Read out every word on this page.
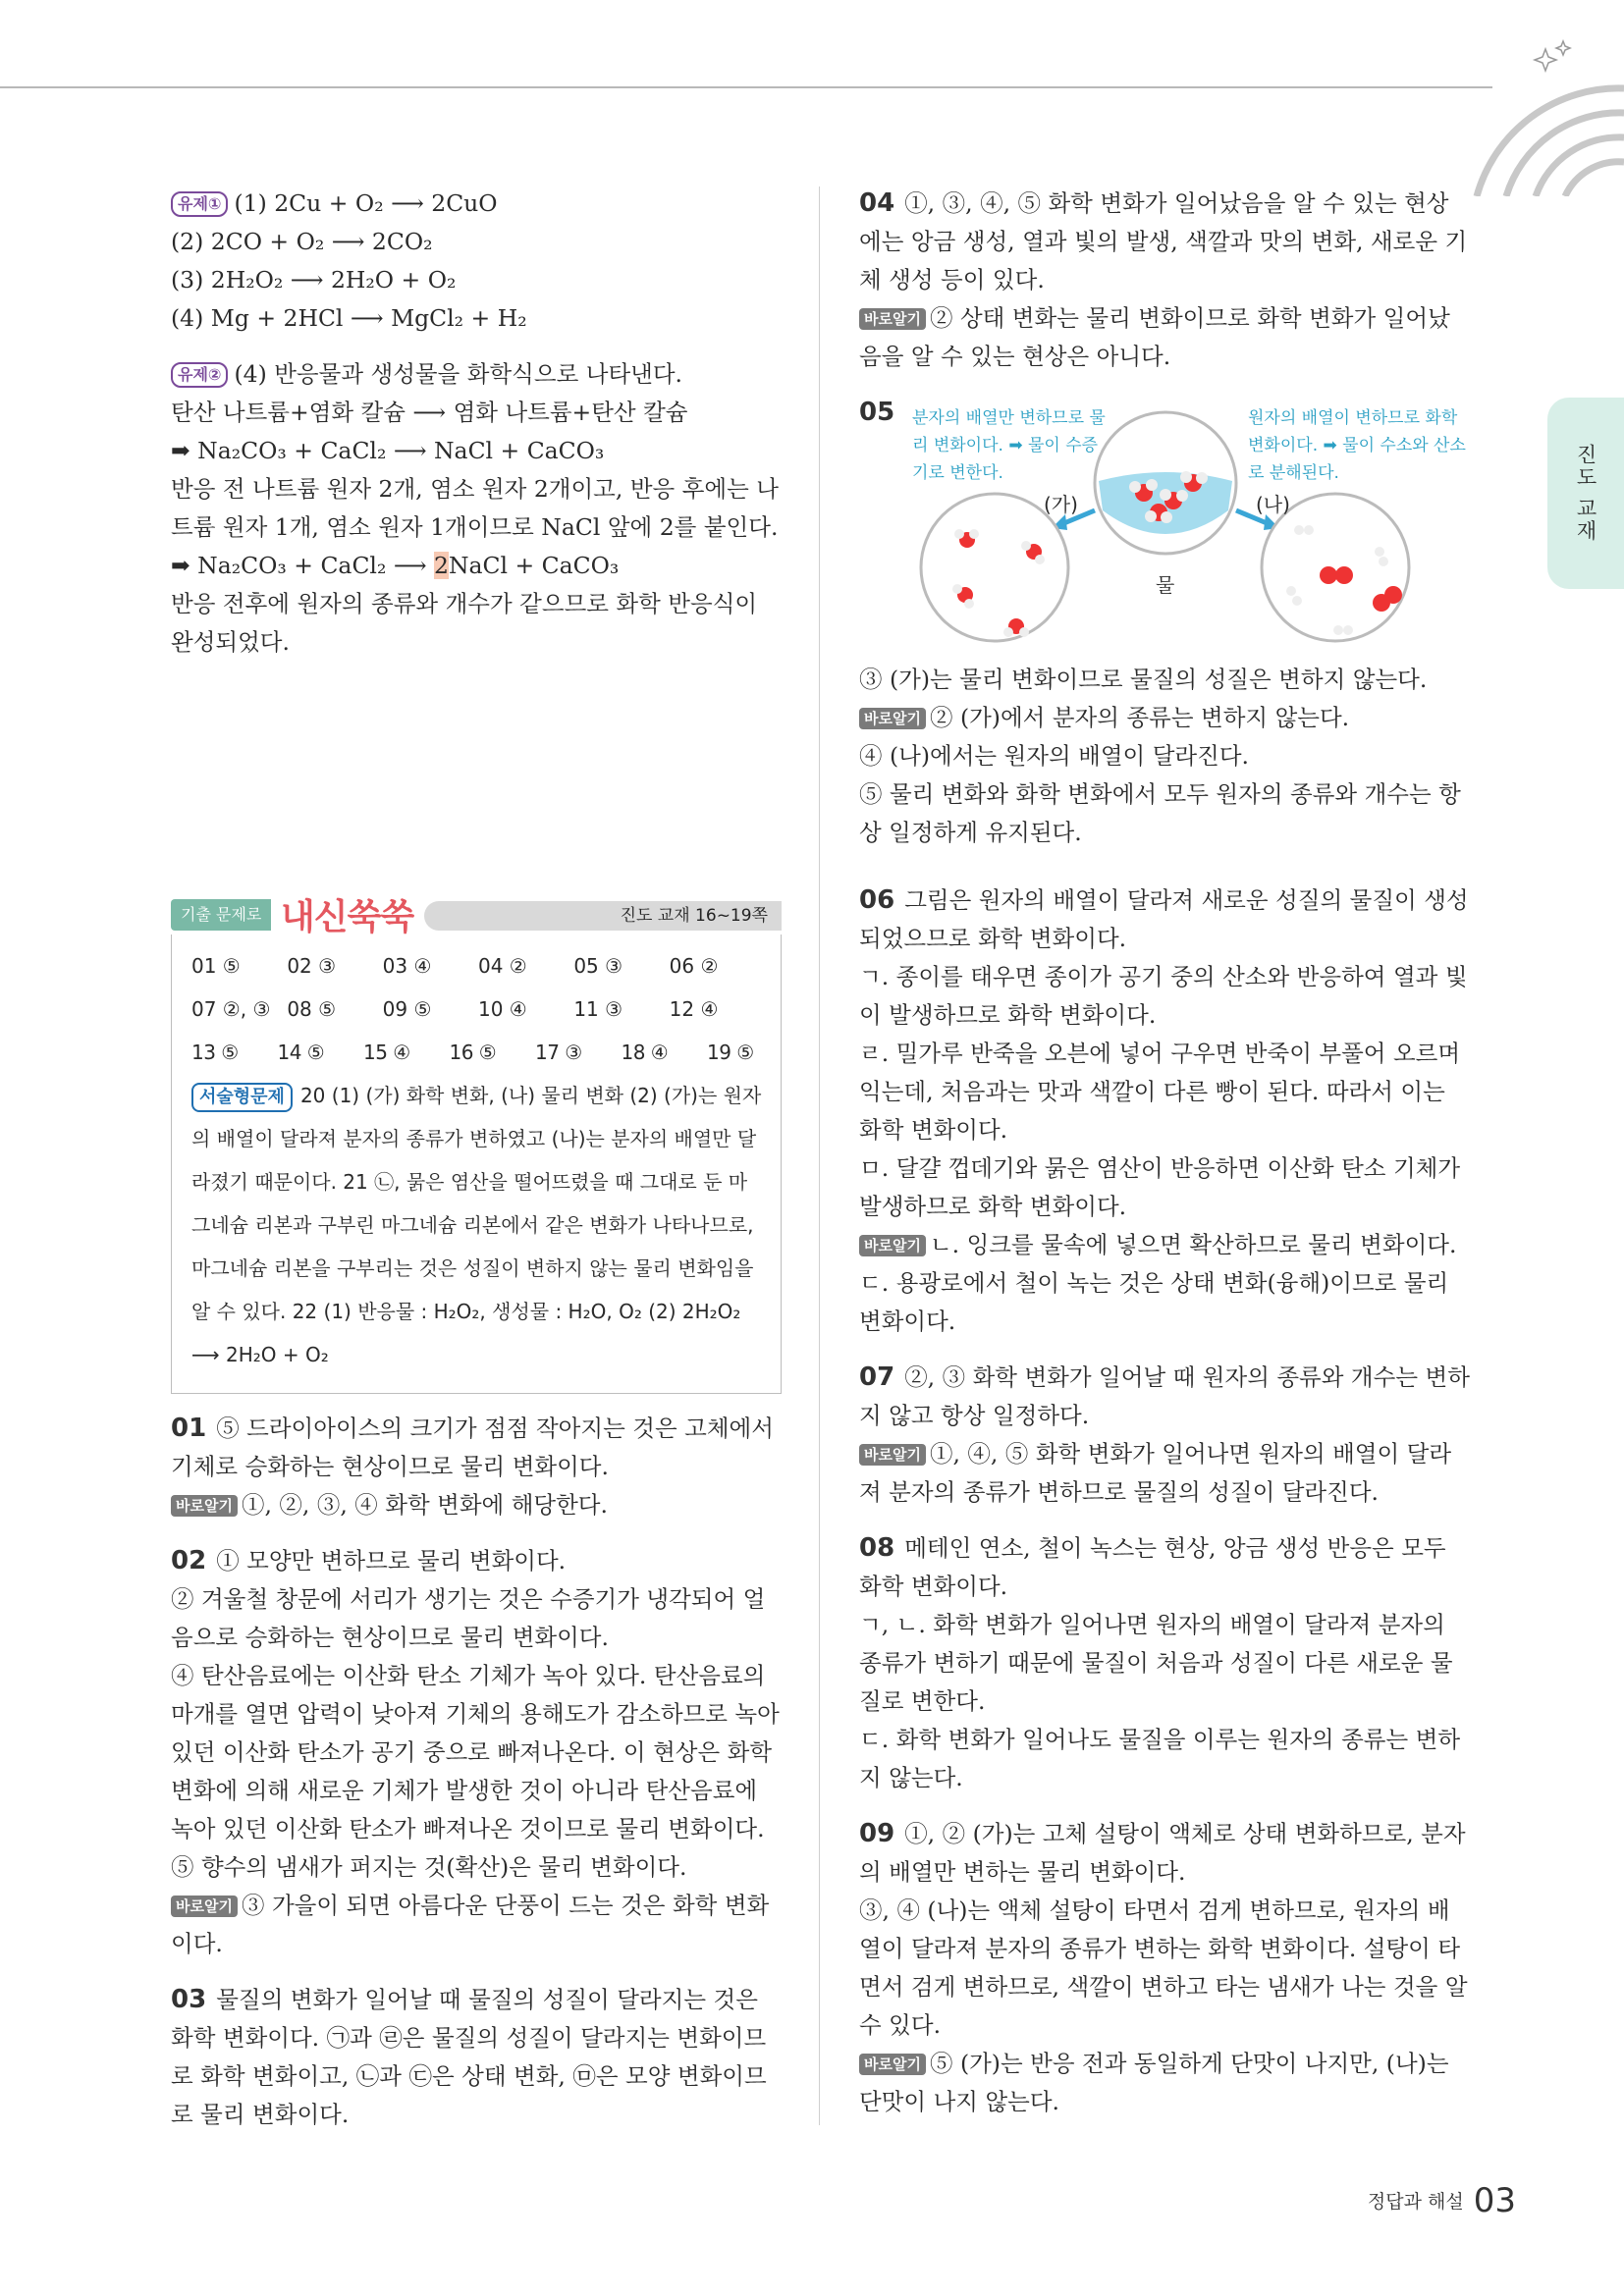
진도 교재

유제① (1) 2Cu + O₂ ⟶ 2CuO

(2) 2CO + O₂ ⟶ 2CO₂

(3) 2H₂O₂ ⟶ 2H₂O + O₂

(4) Mg + 2HCl ⟶ MgCl₂ + H₂

유제② (4) 반응물과 생성물을 화학식으로 나타낸다.

탄산 나트륨+염화 칼슘 ⟶ 염화 나트륨+탄산 칼슘

➡ Na₂CO₃ + CaCl₂ ⟶ NaCl + CaCO₃

반응 전 나트륨 원자 2개, 염소 원자 2개이고, 반응 후에는 나트륨 원자 1개, 염소 원자 1개이므로 NaCl 앞에 2를 붙인다.

➡ Na₂CO₃ + CaCl₂ ⟶ 2NaCl + CaCO₃

반응 전후에 원자의 종류와 개수가 같으므로 화학 반응식이 완성되었다.

기출 문제로 내신쑥쑥	진도 교재 16~19쪽
01 ⑤	02 ③	03 ④	04 ②	05 ③	06 ②
07 ②, ③ 08 ⑤	09 ⑤	10 ④	11 ③	12 ④
13 ⑤	14 ⑤	15 ④	16 ⑤	17 ③	18 ④	19 ⑤
서술형문제 20 (1) (가) 화학 변화, (나) 물리 변화 (2) (가)는 원자의 배열이 달라져 분자의 종류가 변하였고 (나)는 분자의 배열만 달라졌기 때문이다. 21 ㉡, 묽은 염산을 떨어뜨렸을 때 그대로 둔 마그네슘 리본과 구부린 마그네슘 리본에서 같은 변화가 나타나므로, 마그네슘 리본을 구부리는 것은 성질이 변하지 않는 물리 변화임을 알 수 있다. 22 (1) 반응물 : H₂O₂, 생성물 : H₂O, O₂ (2) 2H₂O₂ ⟶ 2H₂O + O₂

01 ⑤ 드라이아이스의 크기가 점점 작아지는 것은 고체에서 기체로 승화하는 현상이므로 물리 변화이다.

바로알기 ①, ②, ③, ④ 화학 변화에 해당한다.

02 ① 모양만 변하므로 물리 변화이다.

② 겨울철 창문에 서리가 생기는 것은 수증기가 냉각되어 얼음으로 승화하는 현상이므로 물리 변화이다.

④ 탄산음료에는 이산화 탄소 기체가 녹아 있다. 탄산음료의 마개를 열면 압력이 낮아져 기체의 용해도가 감소하므로 녹아 있던 이산화 탄소가 공기 중으로 빠져나온다. 이 현상은 화학 변화에 의해 새로운 기체가 발생한 것이 아니라 탄산음료에 녹아 있던 이산화 탄소가 빠져나온 것이므로 물리 변화이다.

⑤ 향수의 냄새가 퍼지는 것(확산)은 물리 변화이다.

바로알기 ③ 가을이 되면 아름다운 단풍이 드는 것은 화학 변화이다.

03 물질의 변화가 일어날 때 물질의 성질이 달라지는 것은 화학 변화이다. ㉠과 ㉣은 물질의 성질이 달라지는 변화이므로 화학 변화이고, ㉡과 ㉢은 상태 변화, ㉤은 모양 변화이므로 물리 변화이다.

04 ①, ③, ④, ⑤ 화학 변화가 일어났음을 알 수 있는 현상에는 앙금 생성, 열과 빛의 발생, 색깔과 맛의 변화, 새로운 기체 생성 등이 있다.

바로알기 ② 상태 변화는 물리 변화이므로 화학 변화가 일어났음을 알 수 있는 현상은 아니다.

05

③ (가)는 물리 변화이므로 물질의 성질은 변하지 않는다.

바로알기 ② (가)에서 분자의 종류는 변하지 않는다.

④ (나)에서는 원자의 배열이 달라진다.

⑤ 물리 변화와 화학 변화에서 모두 원자의 종류와 개수는 항상 일정하게 유지된다.

06 그림은 원자의 배열이 달라져 새로운 성질의 물질이 생성되었으므로 화학 변화이다.

ㄱ. 종이를 태우면 종이가 공기 중의 산소와 반응하여 열과 빛이 발생하므로 화학 변화이다.

ㄹ. 밀가루 반죽을 오븐에 넣어 구우면 반죽이 부풀어 오르며 익는데, 처음과는 맛과 색깔이 다른 빵이 된다. 따라서 이는 화학 변화이다.

ㅁ. 달걀 껍데기와 묽은 염산이 반응하면 이산화 탄소 기체가 발생하므로 화학 변화이다.

바로알기 ㄴ. 잉크를 물속에 넣으면 확산하므로 물리 변화이다.

ㄷ. 용광로에서 철이 녹는 것은 상태 변화(융해)이므로 물리 변화이다.

07 ②, ③ 화학 변화가 일어날 때 원자의 종류와 개수는 변하지 않고 항상 일정하다.

바로알기 ①, ④, ⑤ 화학 변화가 일어나면 원자의 배열이 달라져 분자의 종류가 변하므로 물질의 성질이 달라진다.

08 메테인 연소, 철이 녹스는 현상, 앙금 생성 반응은 모두 화학 변화이다.

ㄱ, ㄴ. 화학 변화가 일어나면 원자의 배열이 달라져 분자의 종류가 변하기 때문에 물질이 처음과 성질이 다른 새로운 물질로 변한다.

ㄷ. 화학 변화가 일어나도 물질을 이루는 원자의 종류는 변하지 않는다.

09 ①, ② (가)는 고체 설탕이 액체로 상태 변화하므로, 분자의 배열만 변하는 물리 변화이다.

③, ④ (나)는 액체 설탕이 타면서 검게 변하므로, 원자의 배열이 달라져 분자의 종류가 변하는 화학 변화이다. 설탕이 타면서 검게 변하므로, 색깔이 변하고 타는 냄새가 나는 것을 알 수 있다.

바로알기 ⑤ (가)는 반응 전과 동일하게 단맛이 나지만, (나)는 단맛이 나지 않는다.

분자의 배열만 변하므로 물리 변화이다. ➡ 물이 수증기로 변한다.
원자의 배열이 변하므로 화학 변화이다. ➡ 물이 수소와 산소로 분해된다.
(가)	(나)
물
정답과 해설 03
